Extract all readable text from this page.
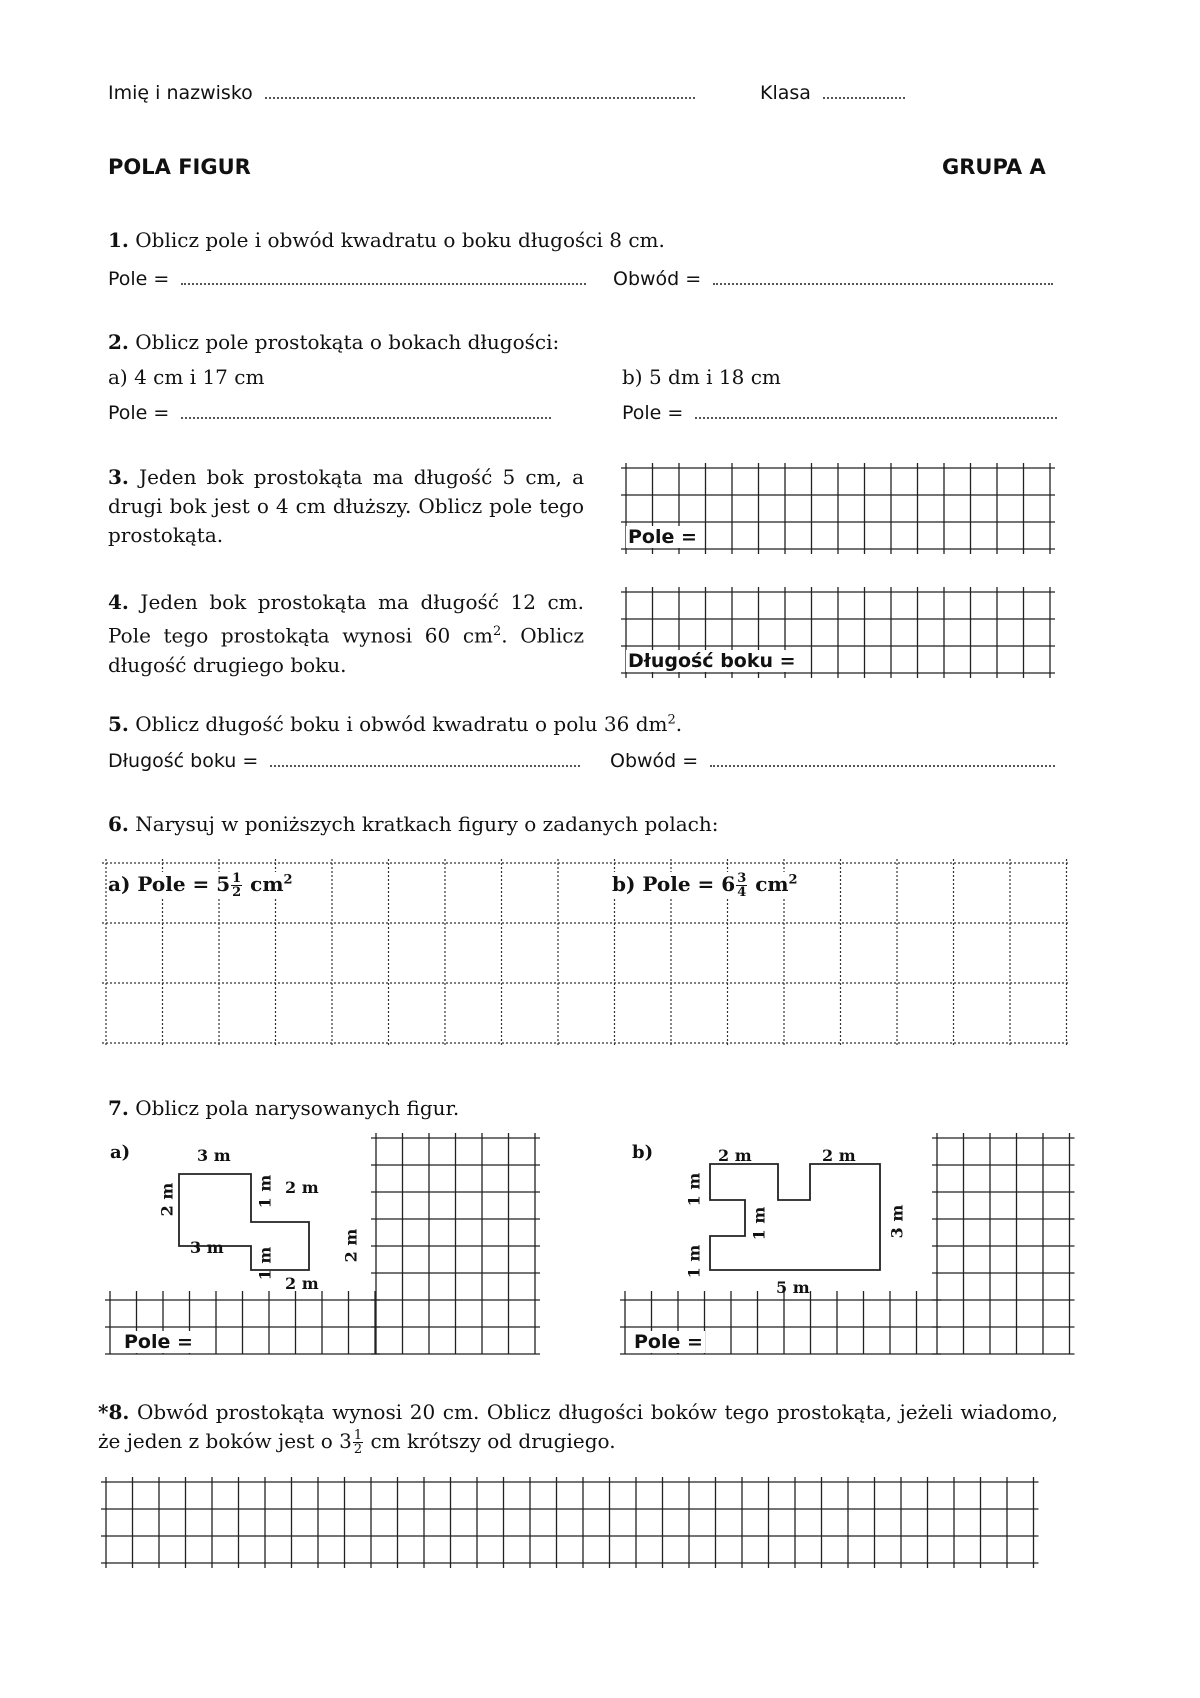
Imię i nazwisko	Klasa
POLA FIGUR	GRUPA A
1. Oblicz pole i obwód kwadratu o boku długości 8 cm.
Pole =	Obwód =
2. Oblicz pole prostokąta o bokach długości:
a) 4 cm i 17 cm	b) 5 dm i 18 cm
Pole =	Pole =
3. Jeden bok prostokąta ma długość 5 cm, a drugi bok jest o 4 cm dłuższy. Oblicz pole tego prostokąta.	Pole =
4. Jeden bok prostokąta ma długość 12 cm. Pole tego prostokąta wynosi 60 $cm^2$. Oblicz długość drugiego boku.	Długość boku =
5. Oblicz długość boku i obwód kwadratu o polu 36 $dm^2$.
Długość boku =	Obwód =
6. Narysuj w poniższych kratkach figury o zadanych polach:
a) Pole = $5 \frac{1}{2} cm^2$	b) Pole = $6 \frac{3}{4} cm^2$
7. Oblicz pola narysowanych figur.
a)	3 m
2 m
1 m
2 m
3 m	2 m
1 m
2 m
Pole =
b)	2 m	2 m
1 m
1 m
1 m
3 m
5 m
Pole =
*8. Obwód prostokąta wynosi 20 cm. Oblicz długości boków tego prostokąta, jeżeli wiadomo, że jeden z boków jest o $3 \frac{1}{2}$ cm krótszy od drugiego.
